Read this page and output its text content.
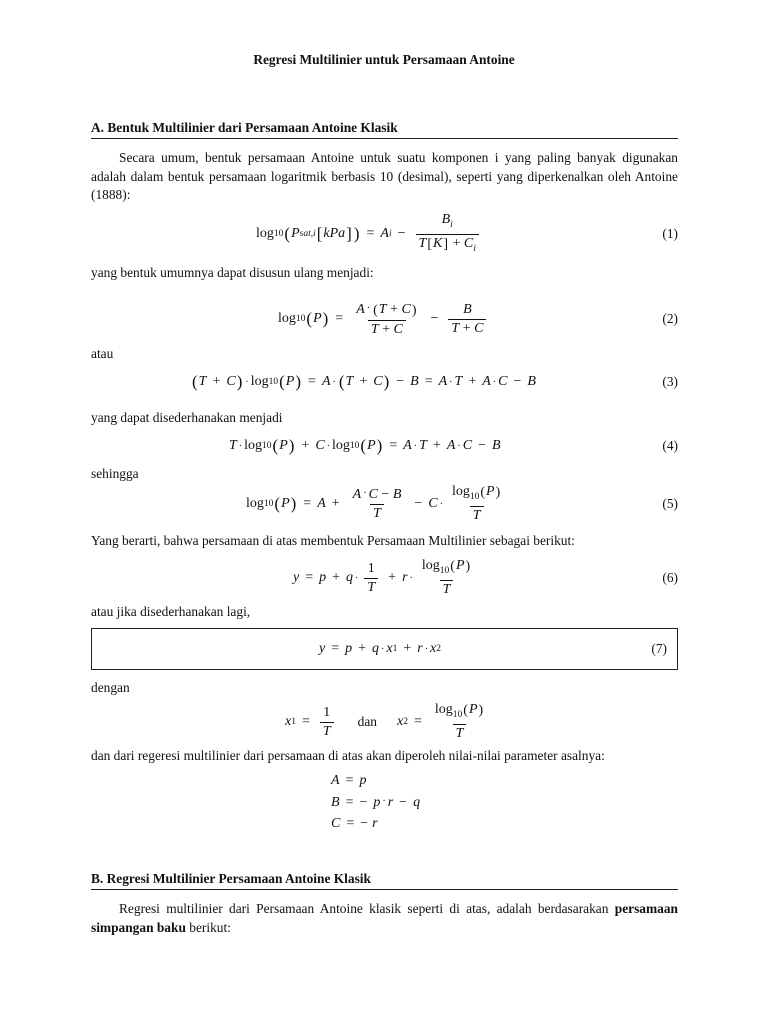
Regresi Multilinier untuk Persamaan Antoine
A. Bentuk Multilinier dari Persamaan Antoine Klasik
Secara umum, bentuk persamaan Antoine untuk suatu komponen i yang paling banyak digunakan adalah dalam bentuk persamaan logaritmik berbasis 10 (desimal), seperti yang diperkenalkan oleh Antoine (1888):
log 10 ( P sat,i [ kPa ] ) = A $i - \frac{B_i}{T[K] + C_i}$	(1)
yang bentuk umumnya dapat disusun ulang menjadi:
log 10 ( P ) = $\frac{A \cdot (T + C)}{T + C} - \frac{B}{T + C}$	(2)
atau
( T + C ) · log 10 ( P ) = A · ( T + C ) − B = A · T + A · C − B	(3)
yang dapat disederhanakan menjadi
T · log 10 ( P ) + C · log 10 ( P ) = A · T + A · C − B	(4)
sehingga
log 10 ( P ) = $A + \frac{A \cdot C - B}{T} - C \cdot \frac{\log_{10}(P)}{T}$	(5)
Yang berarti, bahwa persamaan di atas membentuk Persamaan Multilinier sebagai berikut:
$y = p + q \cdot \frac{1}{T} + r \cdot \frac{\log_{10}(P)}{T}$	(6)
atau jika disederhanakan lagi,
y = p + q · x 1 + r · x 2	(7)
dengan
x $1 = \frac{1}{T}$ dan x $2 = \frac{\log_{10}(P)}{T}$
dan dari regeresi multilinier dari persamaan di atas akan diperoleh nilai-nilai parameter asalnya:
A = p
B = − p · r − q
C = − r
B. Regresi Multilinier Persamaan Antoine Klasik
Regresi multilinier dari Persamaan Antoine klasik seperti di atas, adalah berdasarakan persamaan simpangan baku berikut:
